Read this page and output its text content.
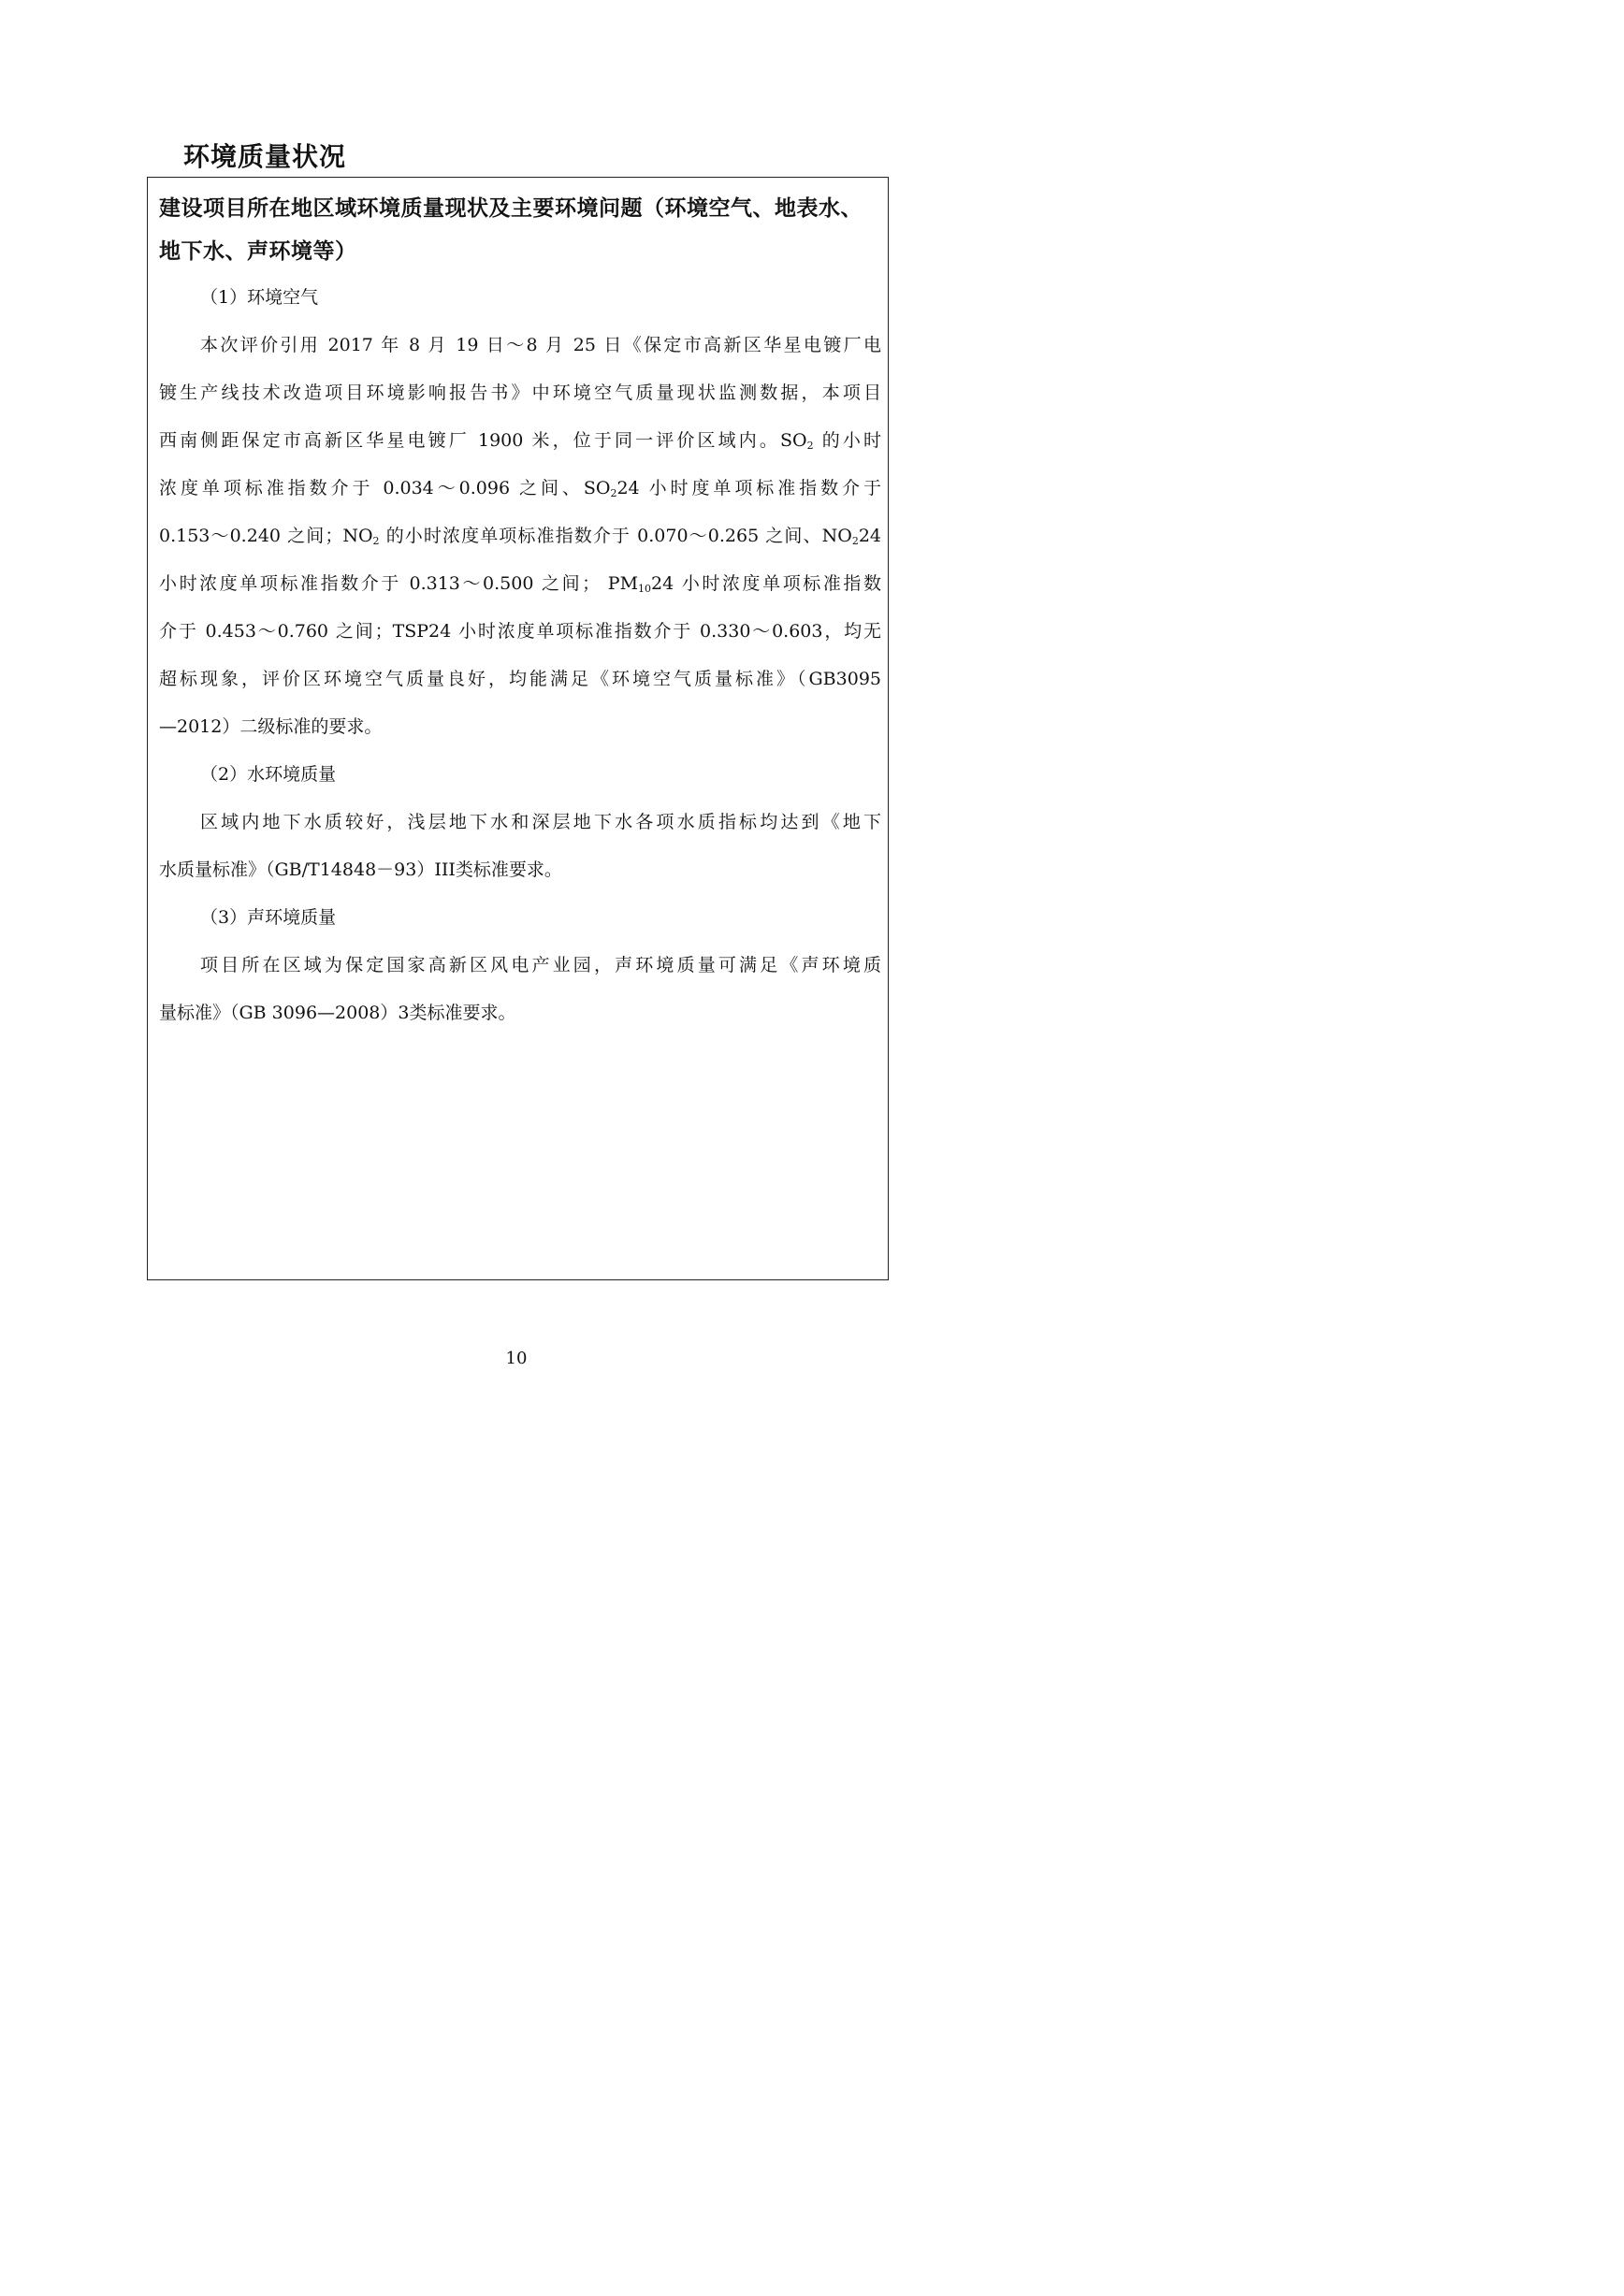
环境质量状况
建设项目所在地区域环境质量现状及主要环境问题（环境空气、地表水、地下水、声环境等）
（1）环境空气
本次评价引用 2017 年 8 月 19 日～8 月 25 日《保定市高新区华星电镀厂电
镀生产线技术改造项目环境影响报告书》中环境空气质量现状监测数据，本项目
西南侧距保定市高新区华星电镀厂 1900 米，位于同一评价区域内。$SO_2$ 的小时
浓度单项标准指数介于 0.034～0.096 之间、$SO_224$ 小时度单项标准指数介于
0.153～0.240 之间；$NO_2$ 的小时浓度单项标准指数介于 0.070～0.265 之间、$NO_224$
小时浓度单项标准指数介于 0.313～0.500 之间； $PM_{10}24$ 小时浓度单项标准指数
介于 0.453～0.760 之间；TSP24 小时浓度单项标准指数介于 0.330～0.603，均无
超标现象，评价区环境空气质量良好，均能满足《环境空气质量标准》（GB3095
—2012）二级标准的要求。
（2）水环境质量
区域内地下水质较好，浅层地下水和深层地下水各项水质指标均达到《地下
水质量标准》（GB/T14848－93）III类标准要求。
（3）声环境质量
项目所在区域为保定国家高新区风电产业园，声环境质量可满足《声环境质
量标准》（GB 3096—2008）3类标准要求。
10
